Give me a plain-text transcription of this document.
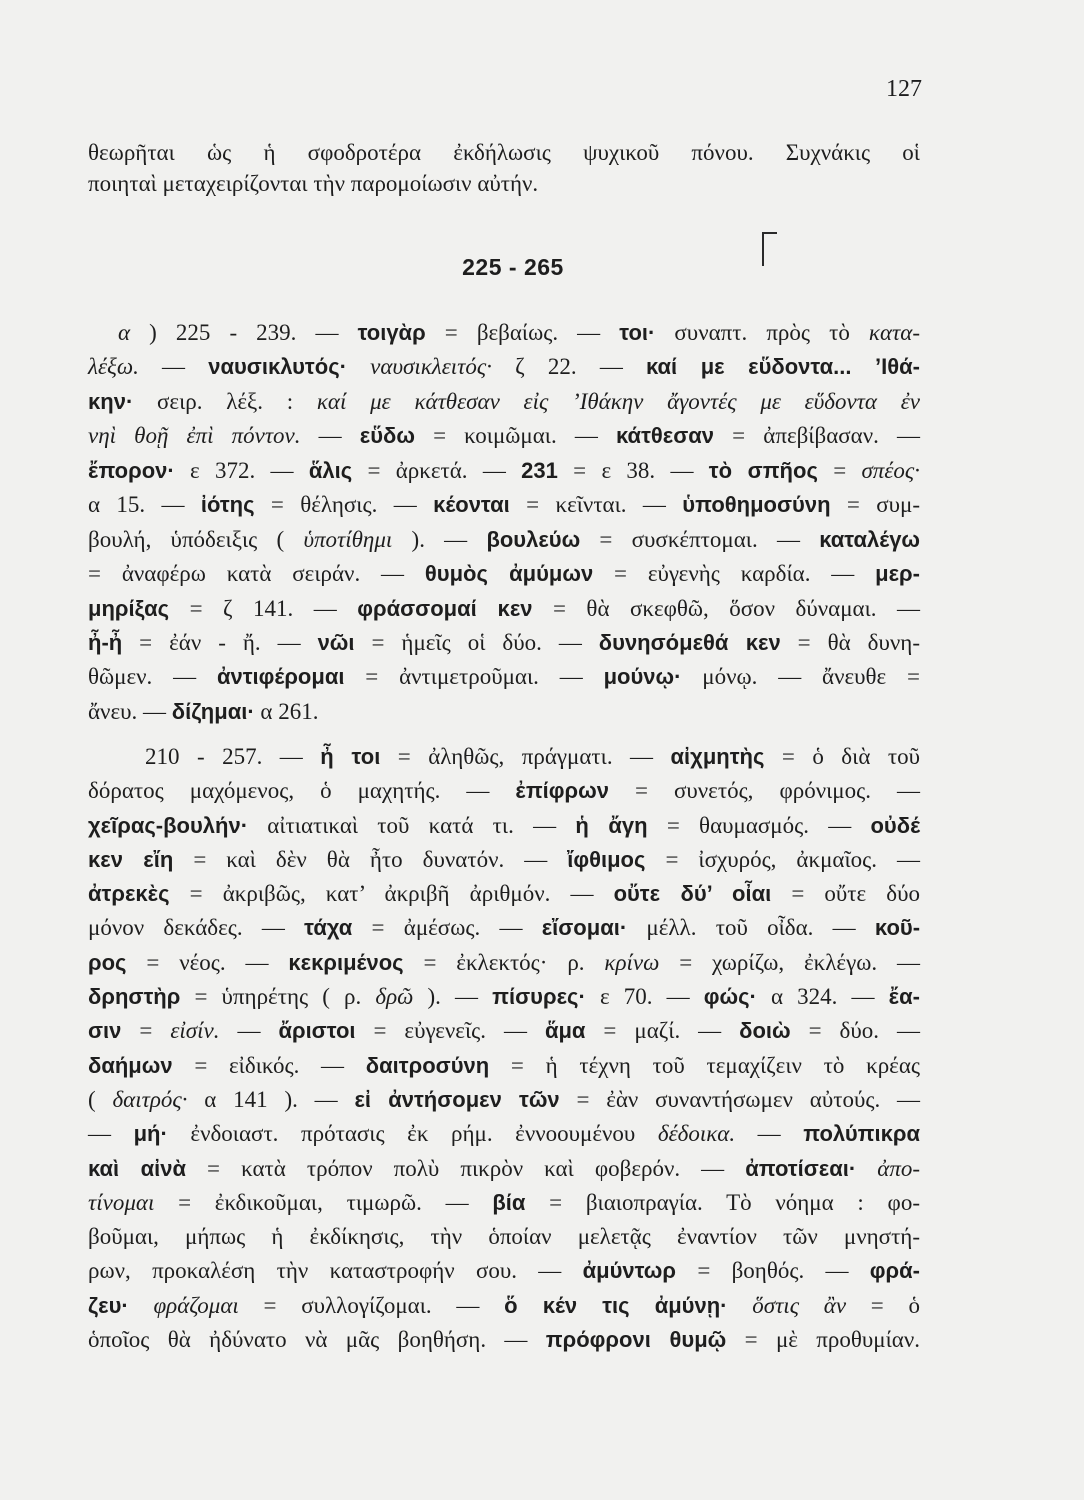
127
θεωρῆται ὡς ἡ σφοδροτέρα ἐκδήλωσις ψυχικοῦ πόνου. Συχνάκις οἱ
ποιηταὶ μεταχειρίζονται τὴν παρομοίωσιν αὐτήν.
225 - 265
α ) 225 - 239. — τοιγὰρ = βεβαίως. — τοι· συναπτ. πρὸς τὸ κατα-
λέξω. — ναυσικλυτός· ναυσικλειτός· ζ 22. — καί με εὕδοντα... ’Ιθά-
κην· σειρ. λέξ. : καί με κάτθεσαν εἰς ’Ιθάκην ἄγοντές με εὕδοντα ἐν
νηὶ θοῇ ἐπὶ πόντον. — εὕδω = κοιμῶμαι. — κάτθεσαν = ἀπεβίβασαν. —
ἔπορον· ε 372. — ἅλις = ἀρκετά. — 231 = ε 38. — τὸ σπῆος = σπέος·
α 15. — ἰότης = θέλησις. — κέονται = κεῖνται. — ὑποθημοσύνη = συμ-
βουλή, ὑπόδειξις ( ὑποτίθημι ). — βουλεύω = συσκέπτομαι. — καταλέγω
= ἀναφέρω κατὰ σειράν. — θυμὸς ἀμύμων = εὐγενὴς καρδία. — μερ-
μηρίξας = ζ 141. — φράσσομαί κεν = θὰ σκεφθῶ, ὅσον δύναμαι. —
ἦ-ἦ = ἐάν - ἤ. — νῶι = ἡμεῖς οἱ δύο. — δυνησόμεθά κεν = θὰ δυνη-
θῶμεν. — ἀντιφέρομαι = ἀντιμετροῦμαι. — μούνῳ· μόνῳ. — ἄνευθε =
ἄνευ. — δίζημαι· α 261.
210 - 257. — ἦ τοι = ἀληθῶς, πράγματι. — αἰχμητὴς = ὁ διὰ τοῦ
δόρατος μαχόμενος, ὁ μαχητής. — ἐπίφρων = συνετός, φρόνιμος. —
χεῖρας-βουλήν· αἰτιατικαὶ τοῦ κατά τι. — ἡ ἄγη = θαυμασμός. — οὐδέ
κεν εἴη = καὶ δὲν θὰ ἦτο δυνατόν. — ἴφθιμος = ἰσχυρός, ἀκμαῖος. —
ἀτρεκὲς = ἀκριβῶς, κατ’ ἀκριβῆ ἀριθμόν. — οὔτε δύ’ οἶαι = οὔτε δύο
μόνον δεκάδες. — τάχα = ἀμέσως. — εἴσομαι· μέλλ. τοῦ οἶδα. — κοῦ-
ρος = νέος. — κεκριμένος = ἐκλεκτός· ρ. κρίνω = χωρίζω, ἐκλέγω. —
δρηστὴρ = ὑπηρέτης ( ρ. δρῶ ). — πίσυρες· ε 70. — φώς· α 324. — ἔα-
σιν = εἰσίν. — ἄριστοι = εὐγενεῖς. — ἅμα = μαζί. — δοιὼ = δύο. —
δαήμων = εἰδικός. — δαιτροσύνη = ἡ τέχνη τοῦ τεμαχίζειν τὸ κρέας
( δαιτρός· α 141 ). — εἰ ἀντήσομεν τῶν = ἐὰν συναντήσωμεν αὐτούς. —
— μή· ἐνδοιαστ. πρότασις ἐκ ρήμ. ἐννοουμένου δέδοικα. — πολύπικρα
καὶ αἰνὰ = κατὰ τρόπον πολὺ πικρὸν καὶ φοβερόν. — ἀποτίσεαι· ἀπο-
τίνομαι = ἐκδικοῦμαι, τιμωρῶ. — βία = βιαιοπραγία. Τὸ νόημα : φο-
βοῦμαι, μήπως ἡ ἐκδίκησις, τὴν ὁποίαν μελετᾷς ἐναντίον τῶν μνηστή-
ρων, προκαλέση τὴν καταστροφήν σου. — ἀμύντωρ = βοηθός. — φρά-
ζευ· φράζομαι = συλλογίζομαι. — ὅ κέν τις ἀμύνῃ· ὅστις ἂν = ὁ
ὁποῖος θὰ ἠδύνατο νὰ μᾶς βοηθήση. — πρόφρονι θυμῷ = μὲ προθυμίαν.
